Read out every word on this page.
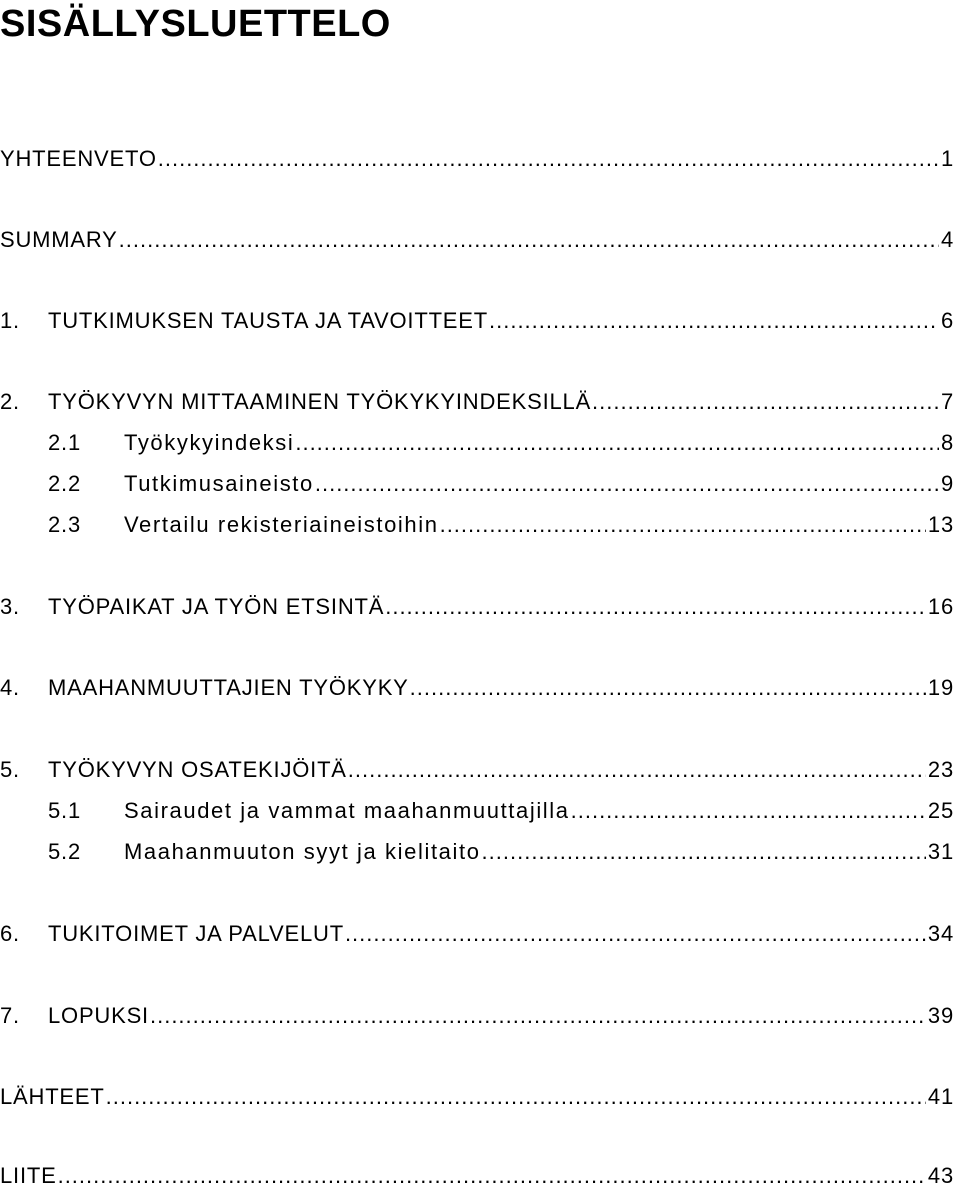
SISÄLLYSLUETTELO
YHTEENVETO .....	1
SUMMARY .....	4
1.	TUTKIMUKSEN TAUSTA JA TAVOITTEET .....	6
2.	TYÖKYVYN MITTAAMINEN TYÖKYKYINDEKSILLÄ .....	7
2.1	Työkykyindeksi .....	8
2.2	Tutkimusaineisto .....	9
2.3	Vertailu rekisteriaineistoihin .....	13
3.	TYÖPAIKAT JA TYÖN ETSINTÄ .....	16
4.	MAAHANMUUTTAJIEN TYÖKYKY .....	19
5.	TYÖKYVYN OSATEKIJÖITÄ .....	23
5.1	Sairaudet ja vammat maahanmuuttajilla .....	25
5.2	Maahanmuuton syyt ja kielitaito .....	31
6.	TUKITOIMET JA PALVELUT .....	34
7.	LOPUKSI .....	39
LÄHTEET .....	41
LIITE .....	43
